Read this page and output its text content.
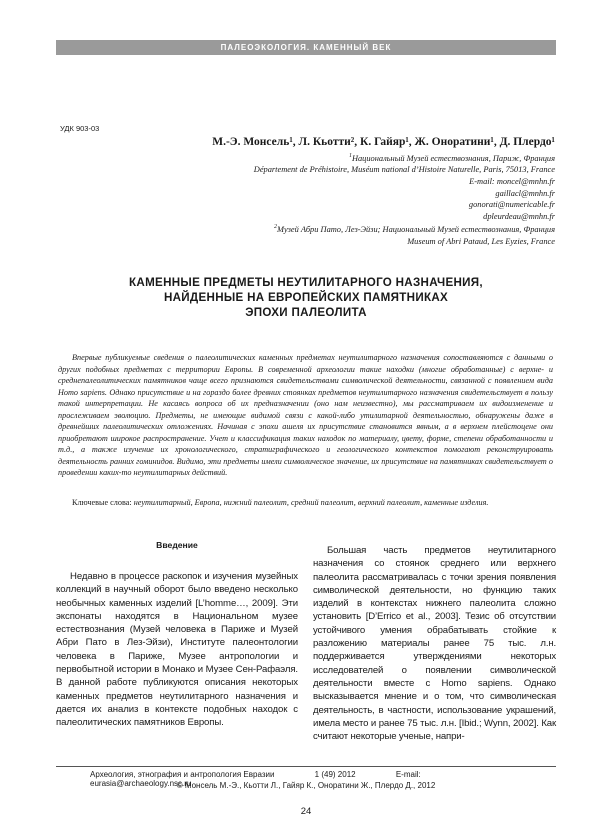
ПАЛЕОЭКОЛОГИЯ. КАМЕННЫЙ ВЕК
УДК 903-03
М.-Э. Монсель¹, Л. Кьотти², К. Гайяр¹, Ж. Оноратини¹, Д. Плердо¹
$^1$Национальный Музей естествознания, Париж, Франция
Département de Préhistoire, Muséum national d’Histoire Naturelle, Paris, 75013, France
E-mail: moncel@mnhn.fr
gaillacl@mnhn.fr
gonorati@numericable.fr
dpleurdeau@mnhn.fr
$^2$Музей Абри Пато, Лез-Эйзи; Национальный Музей естествознания, Франция
Museum of Abri Pataud, Les Eyzies, France
КАМЕННЫЕ ПРЕДМЕТЫ НЕУТИЛИТАРНОГО НАЗНАЧЕНИЯ,
НАЙДЕННЫЕ НА ЕВРОПЕЙСКИХ ПАМЯТНИКАХ
ЭПОХИ ПАЛЕОЛИТА
Впервые публикуемые сведения о палеолитических каменных предметах неутилитарного назначения сопоставляются с данными о других подобных предметах с территории Европы. В современной археологии такие находки (многие обработанные) с верхне- и среднепалеолитических памятников чаще всего признаются свидетельствами символической деятельности, связанной с появлением вида Homo sapiens. Однако присутствие и на гораздо более древних стоянках предметов неутилитарного назначения свидетельствует в пользу такой интерпретации. Не касаясь вопроса об их предназначении (оно нам неизвестно), мы рассматриваем их видоизменение и прослеживаем эволюцию. Предметы, не имеющие видимой связи с какой-либо утилитарной деятельностью, обнаружены даже в древнейших палеолитических отложениях. Начиная с эпохи ашеля их присутствие становится явным, а в верхнем плейстоцене они приобретают широкое распространение. Учет и классификация таких находок по материалу, цвету, форме, степени обработанности и т.д., а также изучение их хронологического, стратиграфического и геологического контекстов помогают реконструировать деятельность ранних гоминидов. Видимо, эти предметы имели символическое значение, их присутствие на памятниках свидетельствует о проведении каких-то неутилитарных действий.
Ключевые слова: неутилитарный, Европа, нижний палеолит, средний палеолит, верхний палеолит, каменные изделия.
Введение

Недавно в процессе раскопок и изучения музейных коллекций в научный оборот было введено несколько необычных каменных изделий [L’homme…, 2009]. Эти экспонаты находятся в Национальном музее естествознания (Музей человека в Париже и Музей Абри Пато в Лез-Эйзи), Институте палеонтологии человека в Париже, Музее антропологии и первобытной истории в Монако и Музее Сен-Рафаэля. В данной работе публикуются описания некоторых каменных предметов неутилитарного назначения и дается их анализ в контексте подобных находок с палеолитических памятников Европы.

Большая часть предметов неутилитарного назначения со стоянок среднего или верхнего палеолита рассматривалась с точки зрения появления символической деятельности, но функцию таких изделий в контекстах нижнего палеолита сложно установить [D’Errico et al., 2003]. Тезис об отсутствии устойчивого умения обрабатывать стойкие к разложению материалы ранее 75 тыс. л.н. поддерживается утверждениями некоторых исследователей о появлении символической деятельности вместе с Homo sapiens. Однако высказывается мнение и о том, что символическая деятельность, в частности, использование украшений, имела место и ранее 75 тыс. л.н. [Ibid.; Wynn, 2002]. Как считают некоторые ученые, напри-

Археология, этнография и антропология Евразии	1 (49) 2012	E-mail: eurasia@archaeology.nsc.ru
© Монсель М.-Э., Кьотти Л., Гайяр К., Оноратини Ж., Плердо Д., 2012
24
